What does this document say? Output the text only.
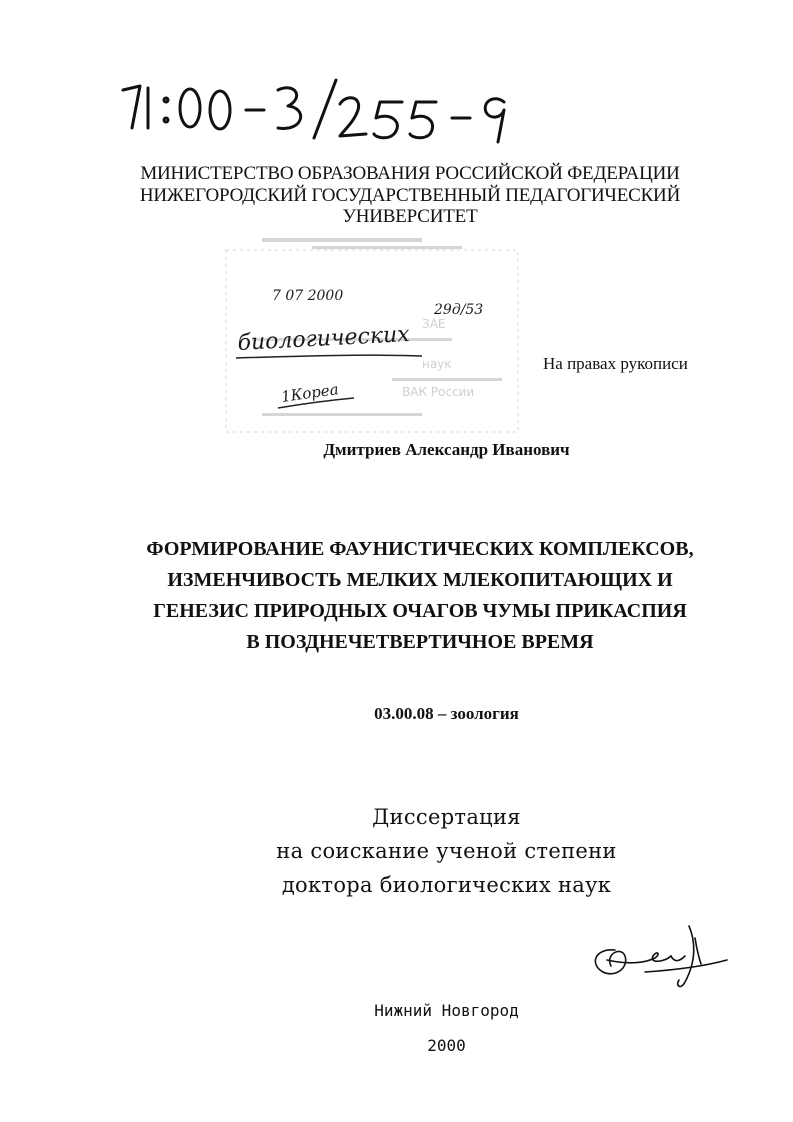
МИНИСТЕРСТВО ОБРАЗОВАНИЯ РОССИЙСКОЙ ФЕДЕРАЦИИ
НИЖЕГОРОДСКИЙ ГОСУДАРСТВЕННЫЙ ПЕДАГОГИЧЕСКИЙ
УНИВЕРСИТЕТ
наук
ВАК России
ЗАЕ
7 07 2000
29д/53
биологических
1Кореа
На правах рукописи
Дмитриев Александр Иванович
ФОРМИРОВАНИЕ ФАУНИСТИЧЕСКИХ КОМПЛЕКСОВ,
ИЗМЕНЧИВОСТЬ МЕЛКИХ МЛЕКОПИТАЮЩИХ И
ГЕНЕЗИС ПРИРОДНЫХ ОЧАГОВ ЧУМЫ ПРИКАСПИЯ
В ПОЗДНЕЧЕТВЕРТИЧНОЕ ВРЕМЯ
03.00.08 – зоология
Диссертация
на соискание ученой степени
доктора биологических наук
Нижний Новгород
2000
